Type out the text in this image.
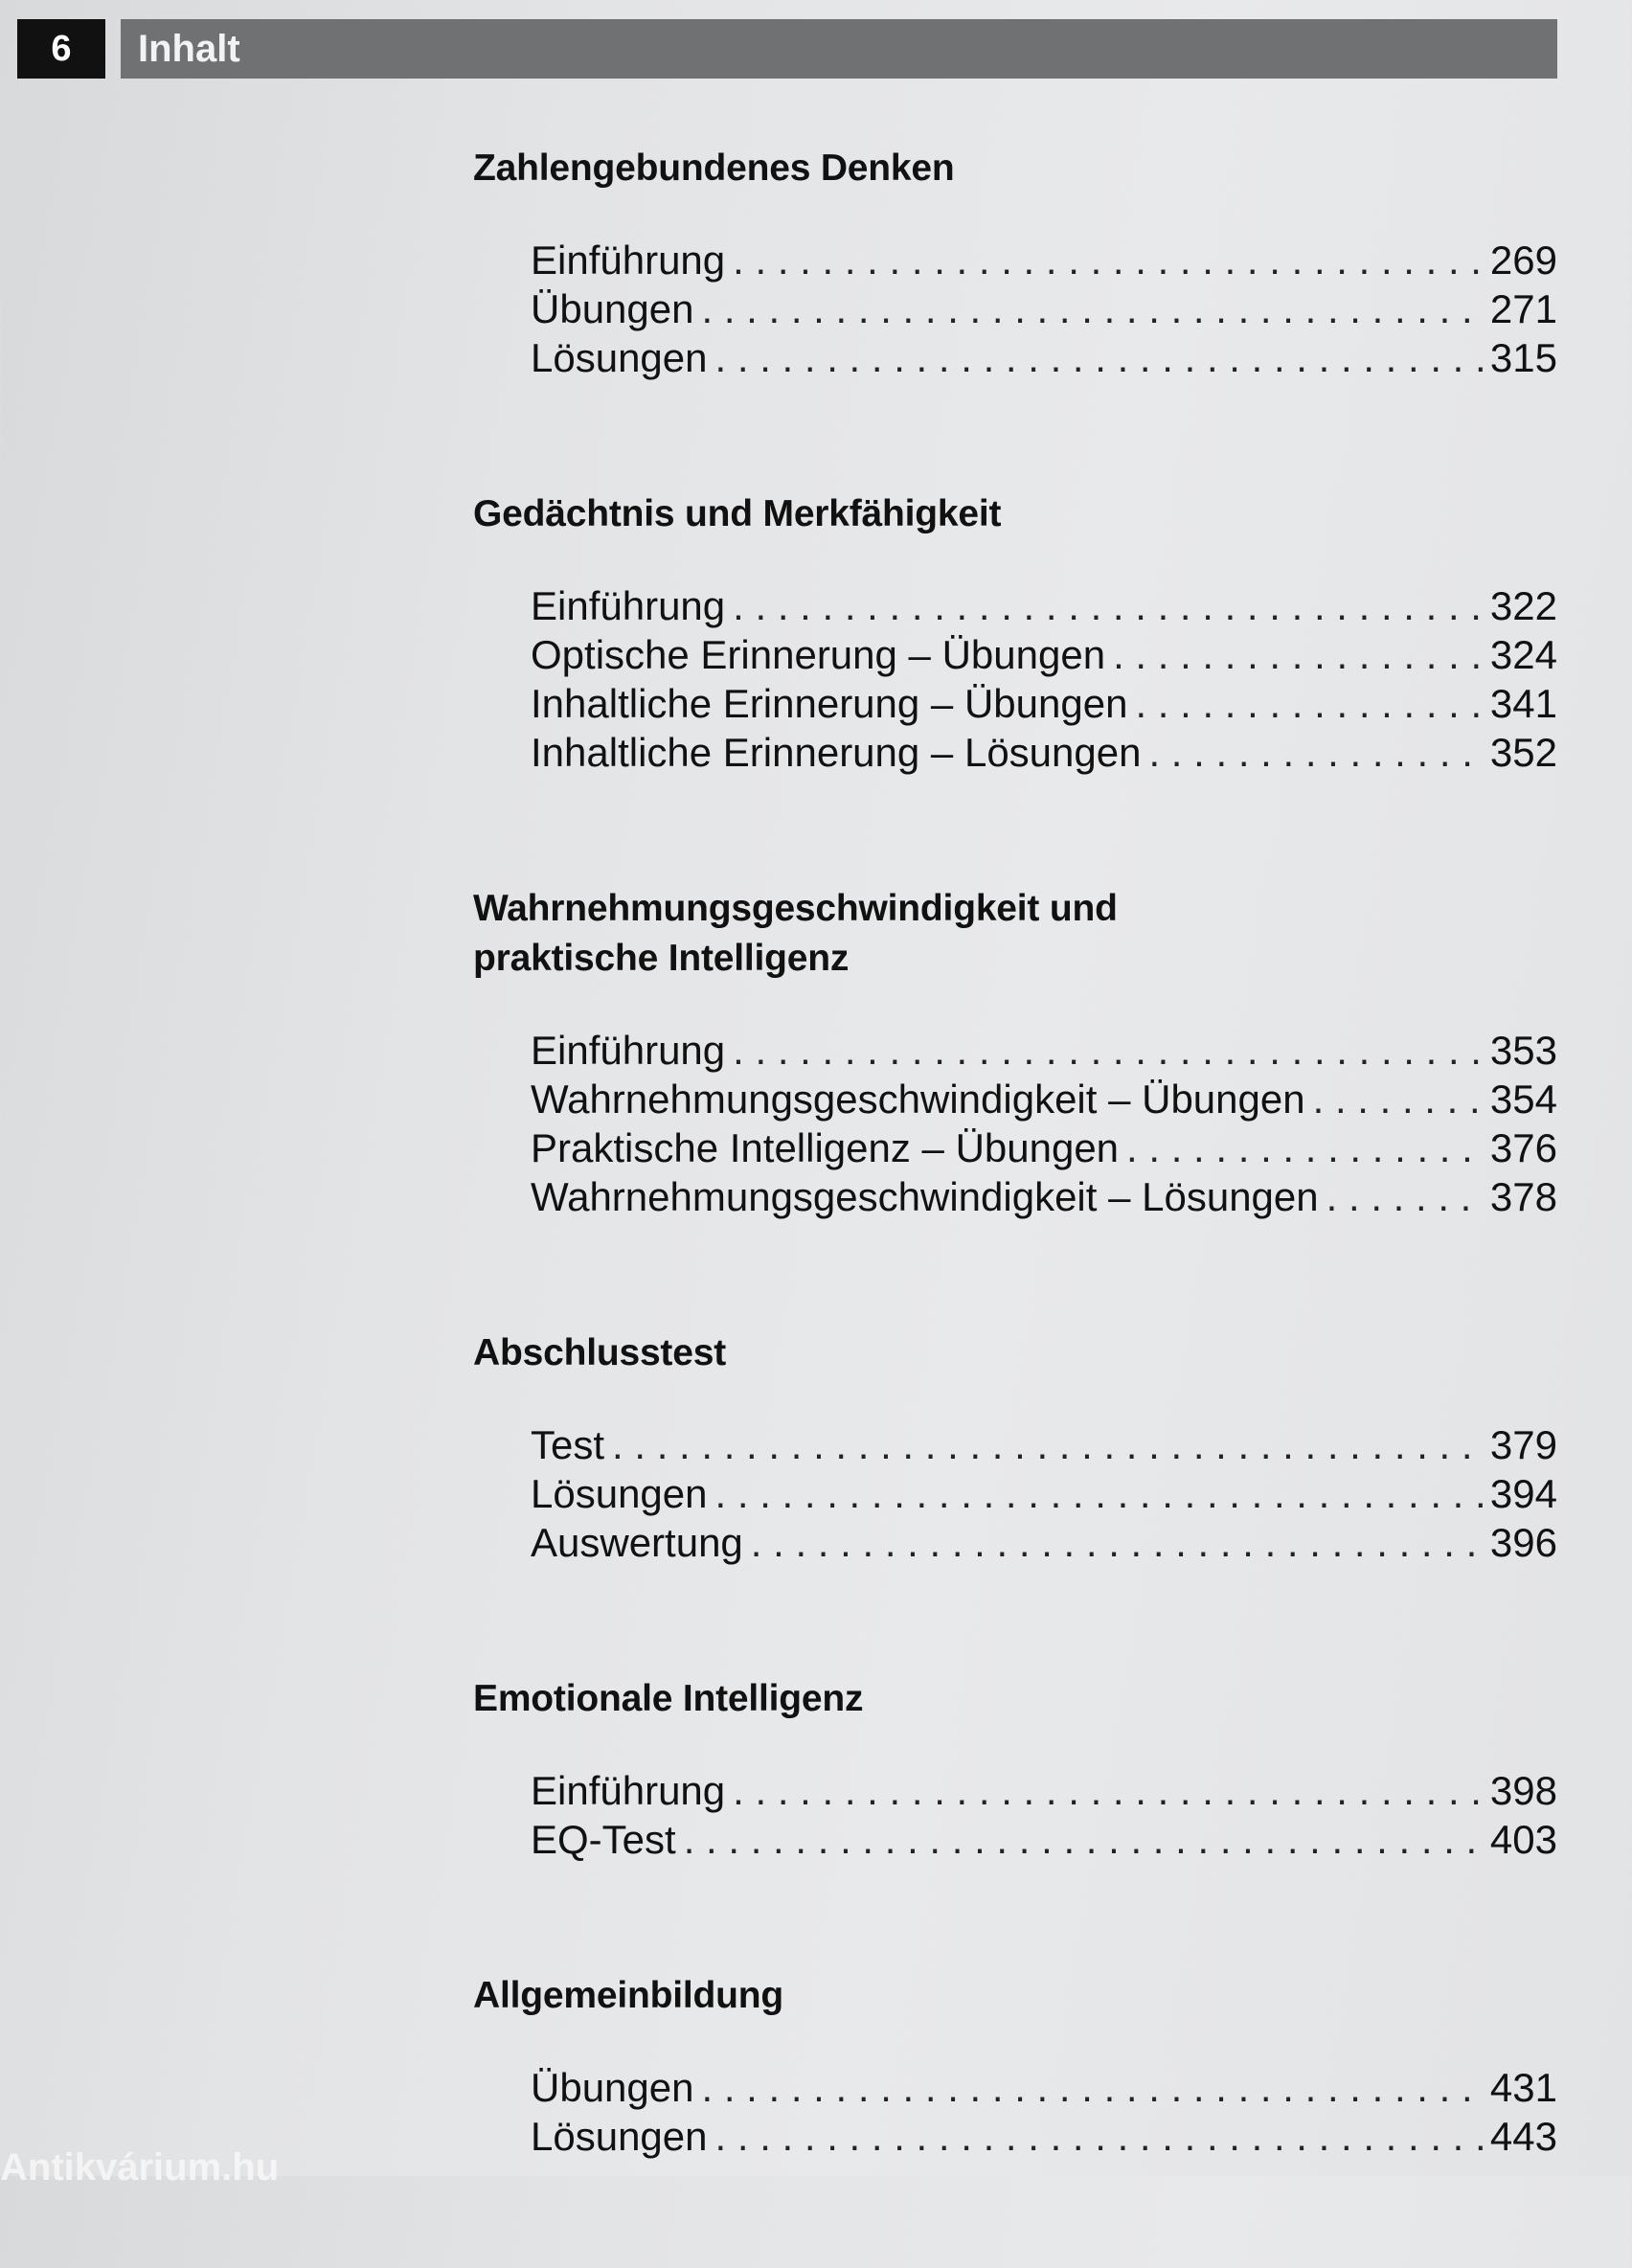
6	Inhalt
Zahlengebundenes Denken
Einführung . . .	269
Übungen . . .	271
Lösungen . . .	315
Gedächtnis und Merkfähigkeit
Einführung . . .	322
Optische Erinnerung – Übungen . . .	324
Inhaltliche Erinnerung – Übungen . . .	341
Inhaltliche Erinnerung – Lösungen . . .	352
Wahrnehmungsgeschwindigkeit und praktische Intelligenz
Einführung . . .	353
Wahrnehmungsgeschwindigkeit – Übungen . . .	354
Praktische Intelligenz – Übungen . . .	376
Wahrnehmungsgeschwindigkeit – Lösungen . . .	378
Abschlusstest
Test . . .	379
Lösungen . . .	394
Auswertung . . .	396
Emotionale Intelligenz
Einführung . . .	398
EQ-Test . . .	403
Allgemeinbildung
Übungen . . .	431
Lösungen . . .	443
Antikvárium.hu
